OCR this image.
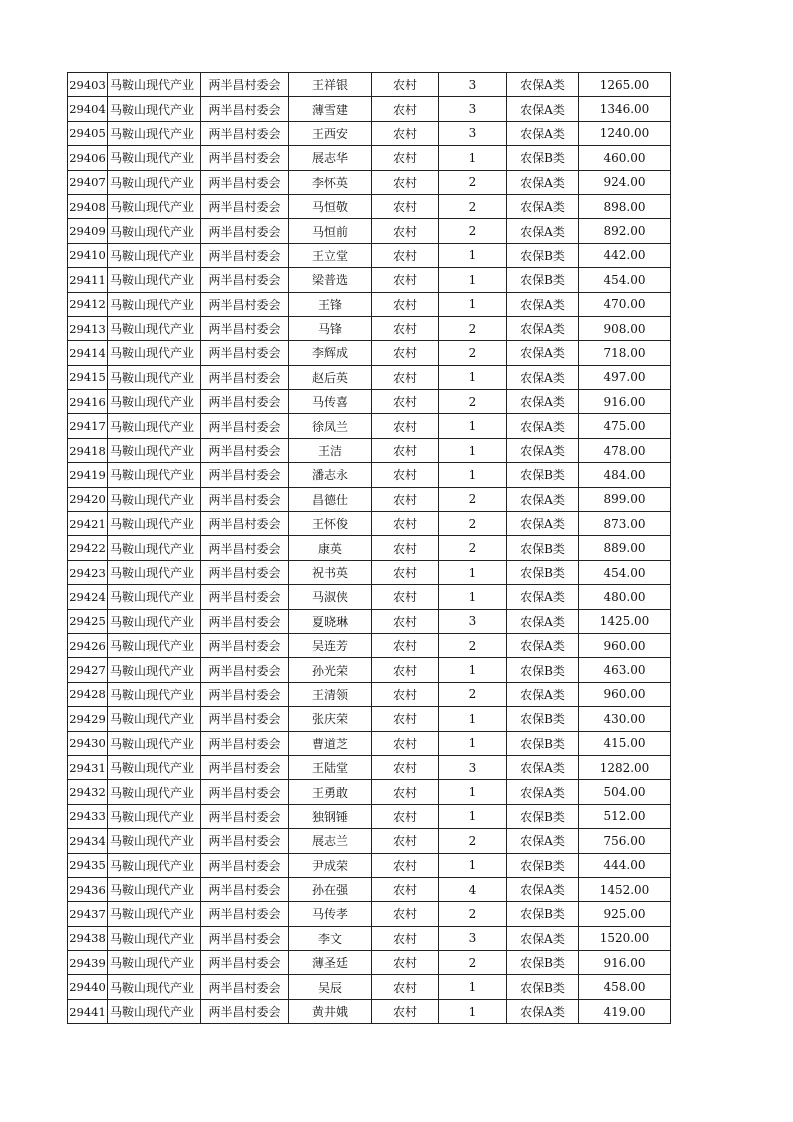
29403	马鞍山现代产业	两半昌村委会	王祥银	农村	3	农保A类	1265.00
29404	马鞍山现代产业	两半昌村委会	薄雪建	农村	3	农保A类	1346.00
29405	马鞍山现代产业	两半昌村委会	王西安	农村	3	农保A类	1240.00
29406	马鞍山现代产业	两半昌村委会	展志华	农村	1	农保B类	460.00
29407	马鞍山现代产业	两半昌村委会	李怀英	农村	2	农保A类	924.00
29408	马鞍山现代产业	两半昌村委会	马恒敬	农村	2	农保A类	898.00
29409	马鞍山现代产业	两半昌村委会	马恒前	农村	2	农保A类	892.00
29410	马鞍山现代产业	两半昌村委会	王立堂	农村	1	农保B类	442.00
29411	马鞍山现代产业	两半昌村委会	梁普选	农村	1	农保B类	454.00
29412	马鞍山现代产业	两半昌村委会	王锋	农村	1	农保A类	470.00
29413	马鞍山现代产业	两半昌村委会	马锋	农村	2	农保A类	908.00
29414	马鞍山现代产业	两半昌村委会	李辉成	农村	2	农保A类	718.00
29415	马鞍山现代产业	两半昌村委会	赵后英	农村	1	农保A类	497.00
29416	马鞍山现代产业	两半昌村委会	马传喜	农村	2	农保A类	916.00
29417	马鞍山现代产业	两半昌村委会	徐凤兰	农村	1	农保A类	475.00
29418	马鞍山现代产业	两半昌村委会	王洁	农村	1	农保A类	478.00
29419	马鞍山现代产业	两半昌村委会	潘志永	农村	1	农保B类	484.00
29420	马鞍山现代产业	两半昌村委会	昌德仕	农村	2	农保A类	899.00
29421	马鞍山现代产业	两半昌村委会	王怀俊	农村	2	农保A类	873.00
29422	马鞍山现代产业	两半昌村委会	康英	农村	2	农保B类	889.00
29423	马鞍山现代产业	两半昌村委会	祝书英	农村	1	农保B类	454.00
29424	马鞍山现代产业	两半昌村委会	马淑侠	农村	1	农保A类	480.00
29425	马鞍山现代产业	两半昌村委会	夏晓琳	农村	3	农保A类	1425.00
29426	马鞍山现代产业	两半昌村委会	吴连芳	农村	2	农保A类	960.00
29427	马鞍山现代产业	两半昌村委会	孙光荣	农村	1	农保B类	463.00
29428	马鞍山现代产业	两半昌村委会	王清领	农村	2	农保A类	960.00
29429	马鞍山现代产业	两半昌村委会	张庆荣	农村	1	农保B类	430.00
29430	马鞍山现代产业	两半昌村委会	曹道芝	农村	1	农保B类	415.00
29431	马鞍山现代产业	两半昌村委会	王陆堂	农村	3	农保A类	1282.00
29432	马鞍山现代产业	两半昌村委会	王勇敢	农村	1	农保A类	504.00
29433	马鞍山现代产业	两半昌村委会	独钢锤	农村	1	农保B类	512.00
29434	马鞍山现代产业	两半昌村委会	展志兰	农村	2	农保A类	756.00
29435	马鞍山现代产业	两半昌村委会	尹成荣	农村	1	农保B类	444.00
29436	马鞍山现代产业	两半昌村委会	孙在强	农村	4	农保A类	1452.00
29437	马鞍山现代产业	两半昌村委会	马传孝	农村	2	农保B类	925.00
29438	马鞍山现代产业	两半昌村委会	李文	农村	3	农保A类	1520.00
29439	马鞍山现代产业	两半昌村委会	薄圣廷	农村	2	农保B类	916.00
29440	马鞍山现代产业	两半昌村委会	吴辰	农村	1	农保B类	458.00
29441	马鞍山现代产业	两半昌村委会	黄井娥	农村	1	农保A类	419.00
